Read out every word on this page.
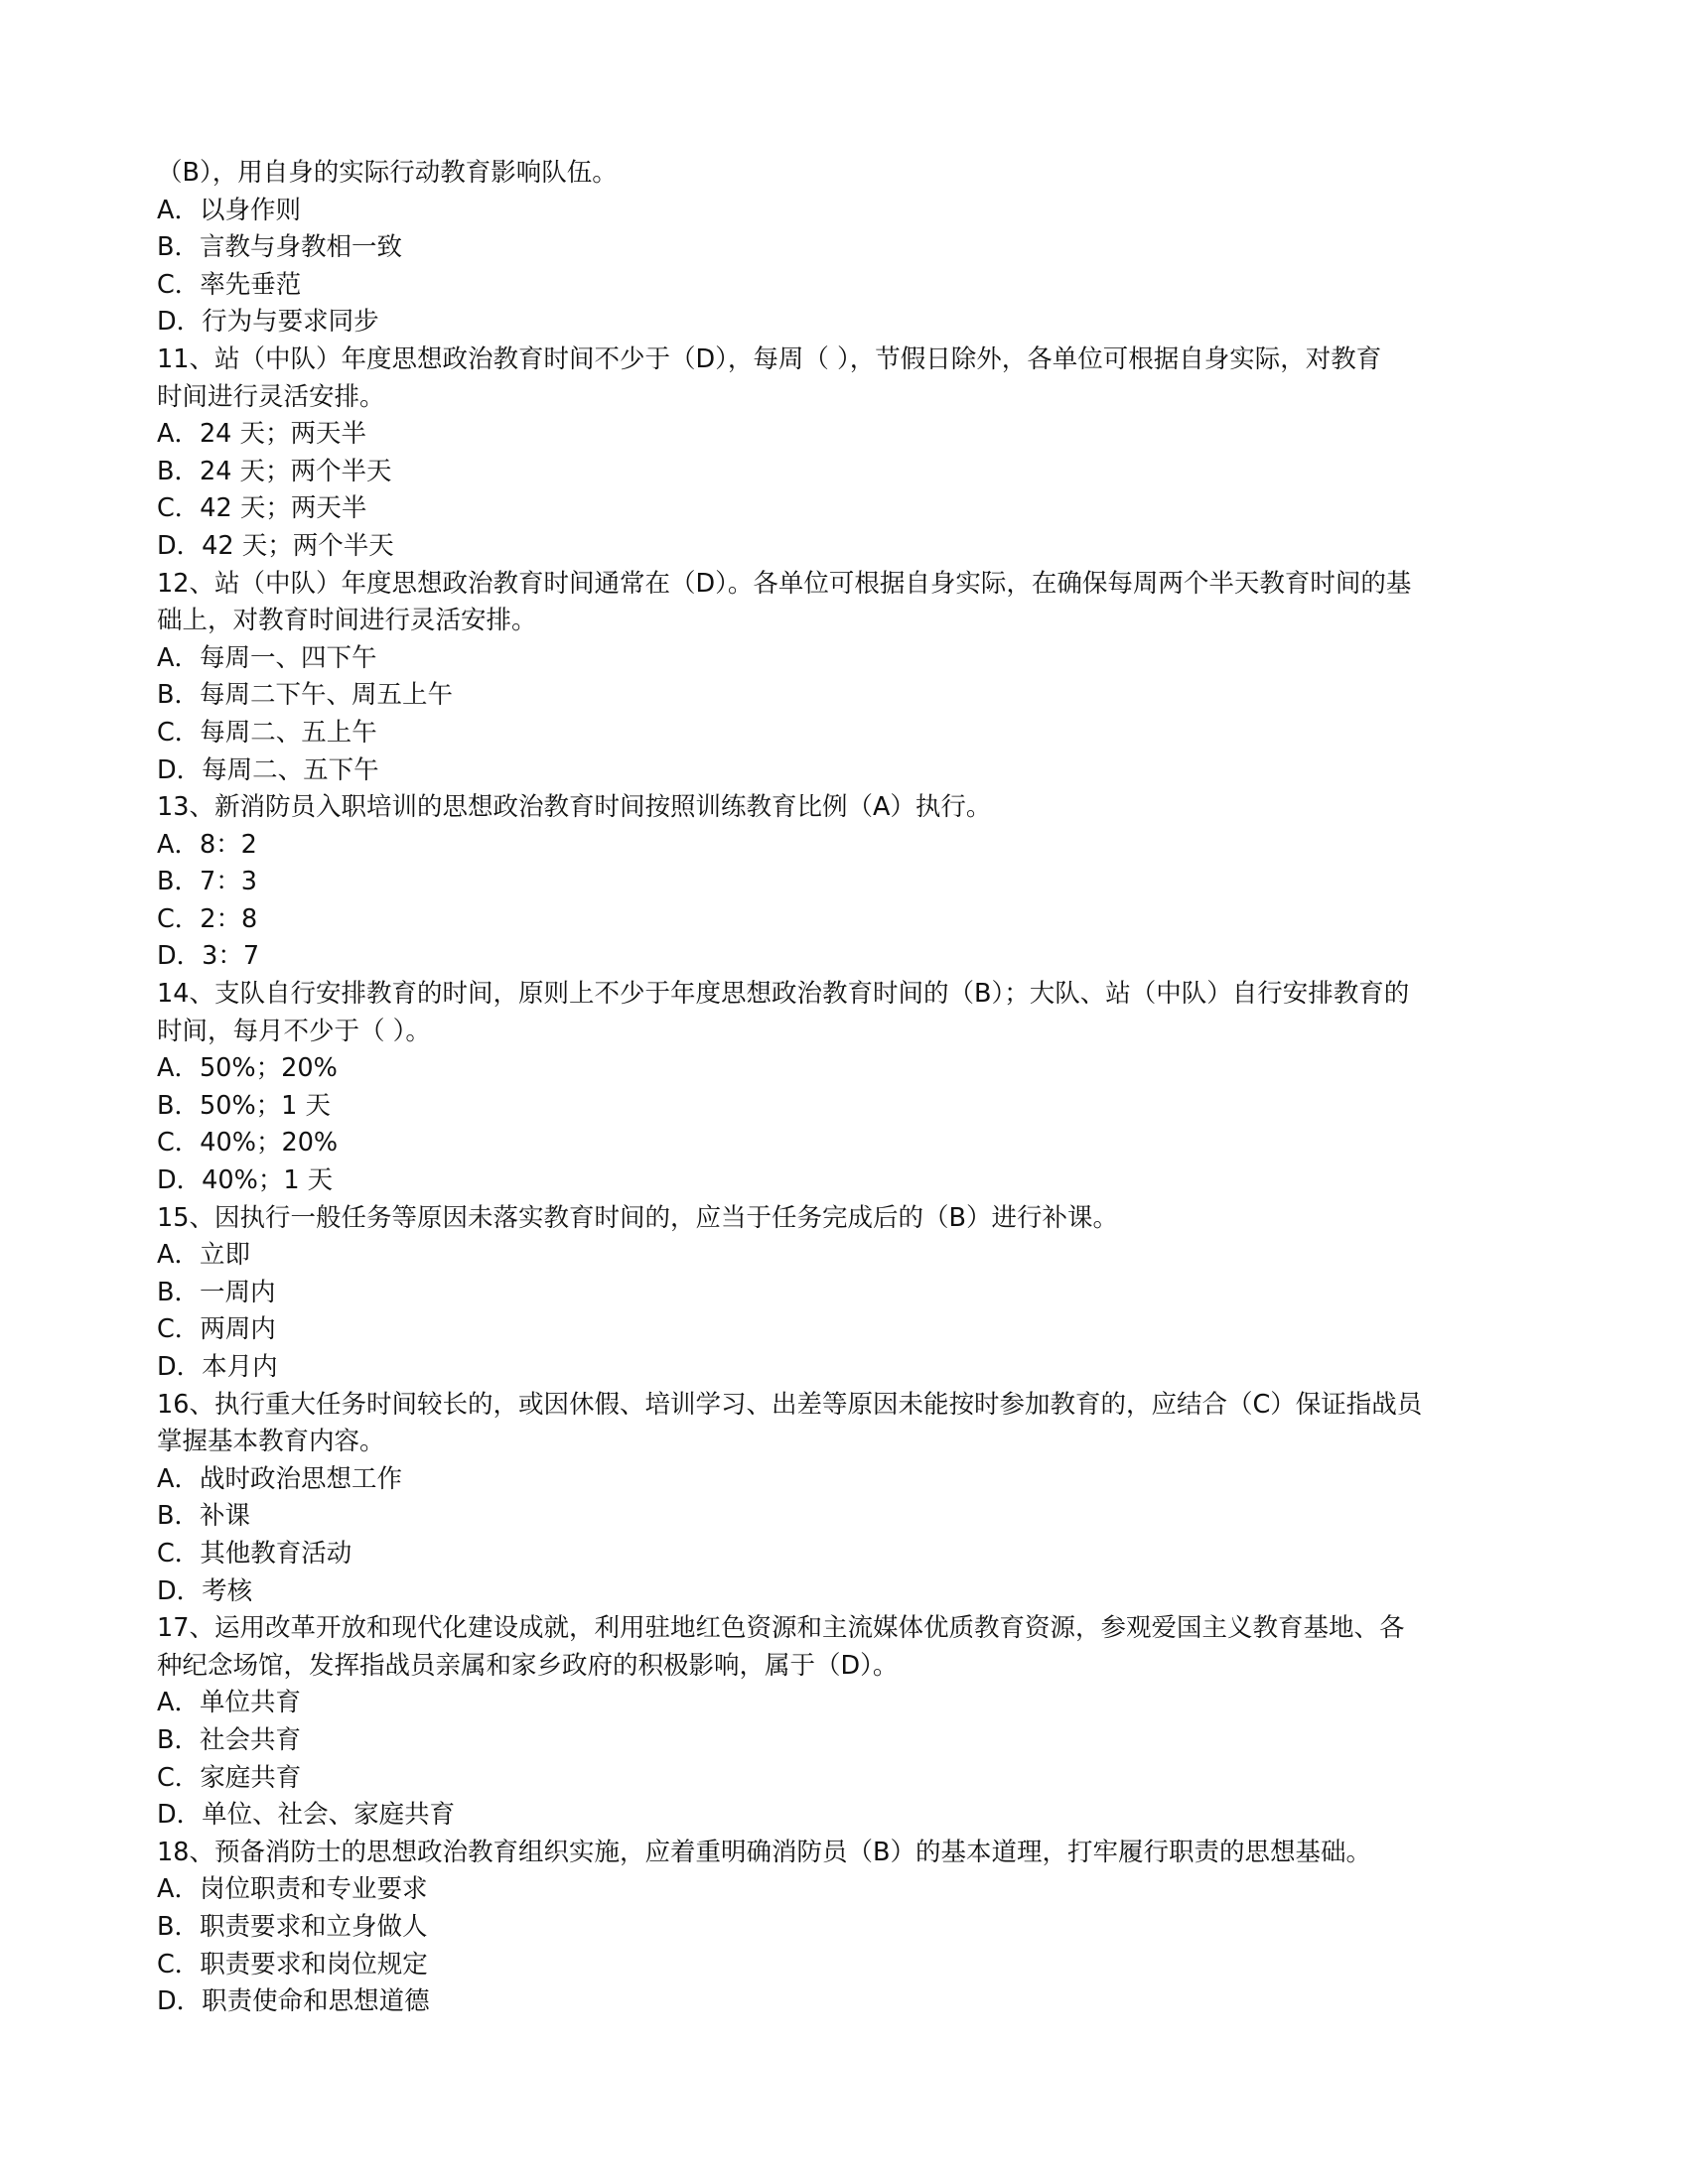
（B），用自身的实际行动教育影响队伍。
A．以身作则
B．言教与身教相一致
C．率先垂范
D．行为与要求同步
11、站（中队）年度思想政治教育时间不少于（D），每周（ ），节假日除外，各单位可根据自身实际，对教育
时间进行灵活安排。
A．24 天；两天半
B．24 天；两个半天
C．42 天；两天半
D．42 天；两个半天
12、站（中队）年度思想政治教育时间通常在（D）。各单位可根据自身实际，在确保每周两个半天教育时间的基
础上，对教育时间进行灵活安排。
A．每周一、四下午
B．每周二下午、周五上午
C．每周二、五上午
D．每周二、五下午
13、新消防员入职培训的思想政治教育时间按照训练教育比例（A）执行。
A．8：2
B．7：3
C．2：8
D．3：7
14、支队自行安排教育的时间，原则上不少于年度思想政治教育时间的（B）；大队、站（中队）自行安排教育的
时间，每月不少于（ ）。
A．50%；20%
B．50%；1 天
C．40%；20%
D．40%；1 天
15、因执行一般任务等原因未落实教育时间的，应当于任务完成后的（B）进行补课。
A．立即
B．一周内
C．两周内
D．本月内
16、执行重大任务时间较长的，或因休假、培训学习、出差等原因未能按时参加教育的，应结合（C）保证指战员
掌握基本教育内容。
A．战时政治思想工作
B．补课
C．其他教育活动
D．考核
17、运用改革开放和现代化建设成就，利用驻地红色资源和主流媒体优质教育资源，参观爱国主义教育基地、各
种纪念场馆，发挥指战员亲属和家乡政府的积极影响，属于（D）。
A．单位共育
B．社会共育
C．家庭共育
D．单位、社会、家庭共育
18、预备消防士的思想政治教育组织实施，应着重明确消防员（B）的基本道理，打牢履行职责的思想基础。
A．岗位职责和专业要求
B．职责要求和立身做人
C．职责要求和岗位规定
D．职责使命和思想道德
